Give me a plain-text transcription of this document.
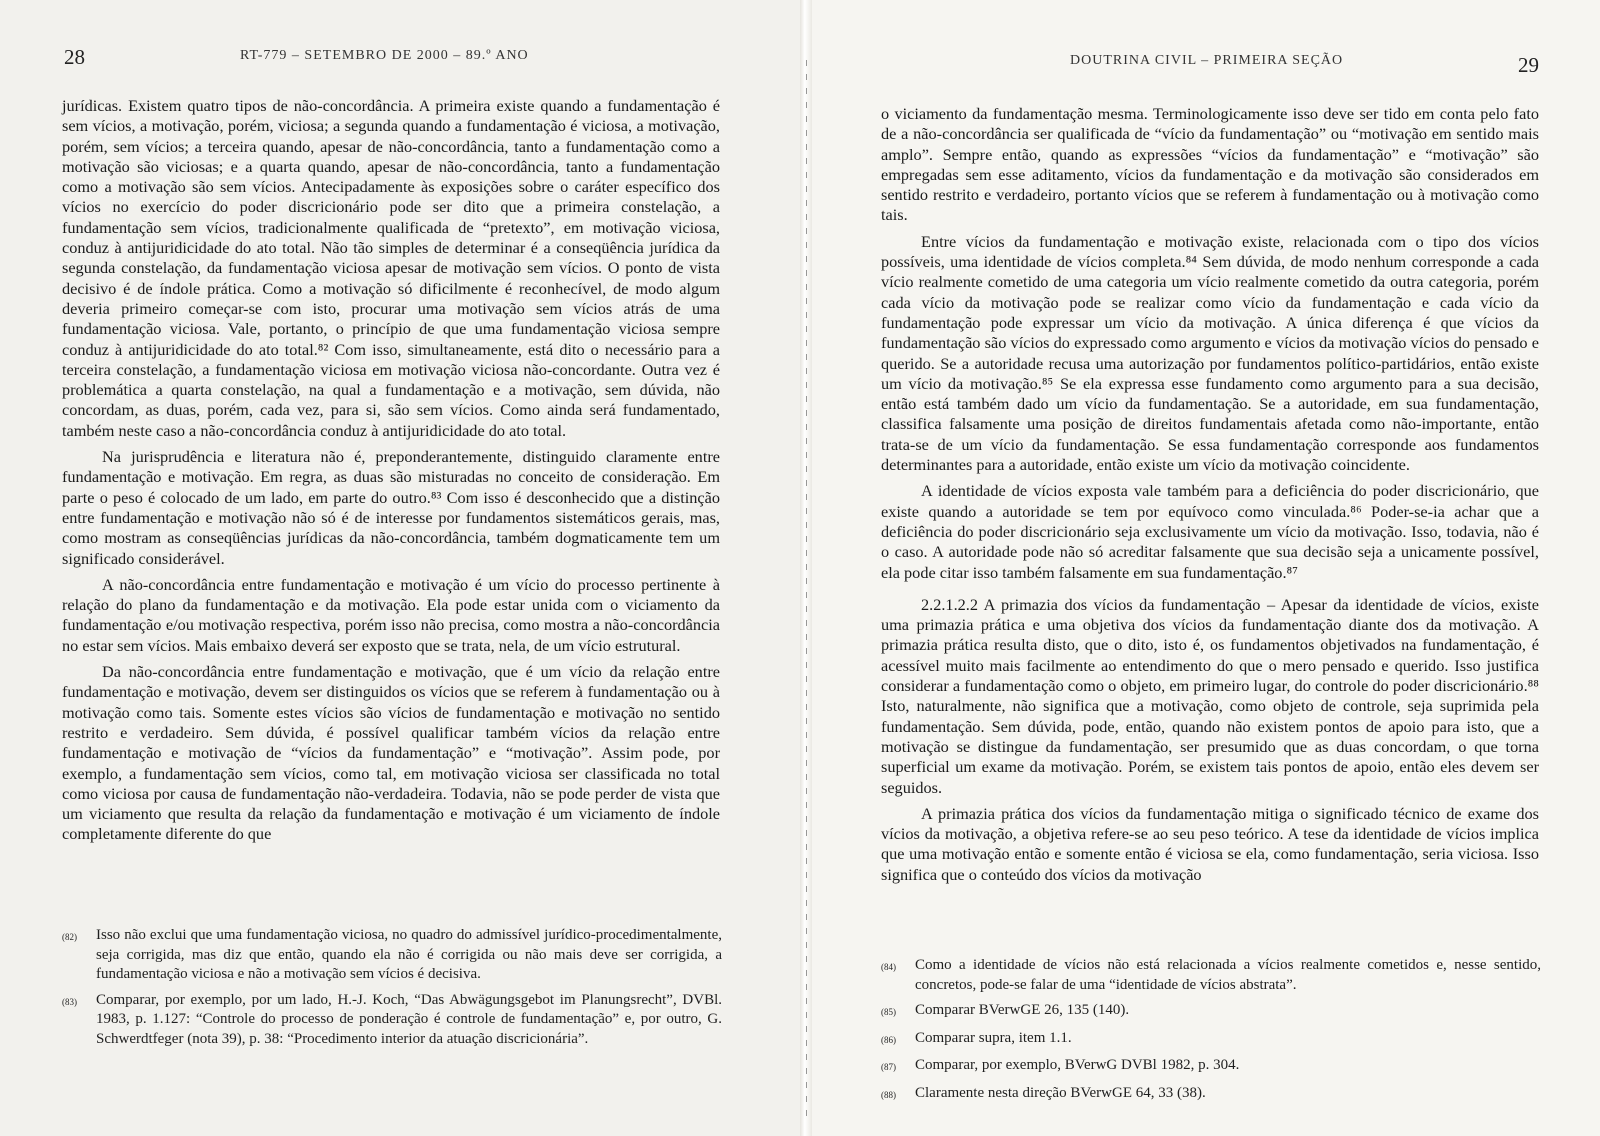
28	RT-779 – SETEMBRO DE 2000 – 89.º ANO

jurídicas. Existem quatro tipos de não-concordância. A primeira existe quando a fundamentação é sem vícios, a motivação, porém, viciosa; a segunda quando a fundamentação é viciosa, a motivação, porém, sem vícios; a terceira quando, apesar de não-concordância, tanto a fundamentação como a motivação são viciosas; e a quarta quando, apesar de não-concordância, tanto a fundamentação como a motivação são sem vícios. Antecipadamente às exposições sobre o caráter específico dos vícios no exercício do poder discricionário pode ser dito que a primeira constelação, a fundamentação sem vícios, tradicionalmente qualificada de “pretexto”, em motivação viciosa, conduz à antijuridicidade do ato total. Não tão simples de determinar é a conseqüência jurídica da segunda constelação, da fundamentação viciosa apesar de motivação sem vícios. O ponto de vista decisivo é de índole prática. Como a motivação só dificilmente é reconhecível, de modo algum deveria primeiro começar-se com isto, procurar uma motivação sem vícios atrás de uma fundamentação viciosa. Vale, portanto, o princípio de que uma fundamentação viciosa sempre conduz à antijuridicidade do ato total.⁸² Com isso, simultaneamente, está dito o necessário para a terceira constelação, a fundamentação viciosa em motivação viciosa não-concordante. Outra vez é problemática a quarta constelação, na qual a fundamentação e a motivação, sem dúvida, não concordam, as duas, porém, cada vez, para si, são sem vícios. Como ainda será fundamentado, também neste caso a não-concordância conduz à antijuridicidade do ato total.

Na jurisprudência e literatura não é, preponderantemente, distinguido claramente entre fundamentação e motivação. Em regra, as duas são misturadas no conceito de consideração. Em parte o peso é colocado de um lado, em parte do outro.⁸³ Com isso é desconhecido que a distinção entre fundamentação e motivação não só é de interesse por fundamentos sistemáticos gerais, mas, como mostram as conseqüências jurídicas da não-concordância, também dogmaticamente tem um significado considerável.

A não-concordância entre fundamentação e motivação é um vício do processo pertinente à relação do plano da fundamentação e da motivação. Ela pode estar unida com o viciamento da fundamentação e/ou motivação respectiva, porém isso não precisa, como mostra a não-concordância no estar sem vícios. Mais embaixo deverá ser exposto que se trata, nela, de um vício estrutural.

Da não-concordância entre fundamentação e motivação, que é um vício da relação entre fundamentação e motivação, devem ser distinguidos os vícios que se referem à fundamentação ou à motivação como tais. Somente estes vícios são vícios de fundamentação e motivação no sentido restrito e verdadeiro. Sem dúvida, é possível qualificar também vícios da relação entre fundamentação e motivação de “vícios da fundamentação” e “motivação”. Assim pode, por exemplo, a fundamentação sem vícios, como tal, em motivação viciosa ser classificada no total como viciosa por causa de fundamentação não-verdadeira. Todavia, não se pode perder de vista que um viciamento que resulta da relação da fundamentação e motivação é um viciamento de índole completamente diferente do que

(82)	Isso não exclui que uma fundamentação viciosa, no quadro do admissível jurídico-procedimentalmente, seja corrigida, mas diz que então, quando ela não é corrigida ou não mais deve ser corrigida, a fundamentação viciosa e não a motivação sem vícios é decisiva.
(83)	Comparar, por exemplo, por um lado, H.-J. Koch, “Das Abwägungsgebot im Planungsrecht”, DVBl. 1983, p. 1.127: “Controle do processo de ponderação é controle de fundamentação” e, por outro, G. Schwerdtfeger (nota 39), p. 38: “Procedimento interior da atuação discricionária”.
DOUTRINA CIVIL – PRIMEIRA SEÇÃO	29

o viciamento da fundamentação mesma. Terminologicamente isso deve ser tido em conta pelo fato de a não-concordância ser qualificada de “vício da fundamentação” ou “motivação em sentido mais amplo”. Sempre então, quando as expressões “vícios da fundamentação” e “motivação” são empregadas sem esse aditamento, vícios da fundamentação e da motivação são considerados em sentido restrito e verdadeiro, portanto vícios que se referem à fundamentação ou à motivação como tais.

Entre vícios da fundamentação e motivação existe, relacionada com o tipo dos vícios possíveis, uma identidade de vícios completa.⁸⁴ Sem dúvida, de modo nenhum corresponde a cada vício realmente cometido de uma categoria um vício realmente cometido da outra categoria, porém cada vício da motivação pode se realizar como vício da fundamentação e cada vício da fundamentação pode expressar um vício da motivação. A única diferença é que vícios da fundamentação são vícios do expressado como argumento e vícios da motivação vícios do pensado e querido. Se a autoridade recusa uma autorização por fundamentos político-partidários, então existe um vício da motivação.⁸⁵ Se ela expressa esse fundamento como argumento para a sua decisão, então está também dado um vício da fundamentação. Se a autoridade, em sua fundamentação, classifica falsamente uma posição de direitos fundamentais afetada como não-importante, então trata-se de um vício da fundamentação. Se essa fundamentação corresponde aos fundamentos determinantes para a autoridade, então existe um vício da motivação coincidente.

A identidade de vícios exposta vale também para a deficiência do poder discricionário, que existe quando a autoridade se tem por equívoco como vinculada.⁸⁶ Poder-se-ia achar que a deficiência do poder discricionário seja exclusivamente um vício da motivação. Isso, todavia, não é o caso. A autoridade pode não só acreditar falsamente que sua decisão seja a unicamente possível, ela pode citar isso também falsamente em sua fundamentação.⁸⁷

2.2.1.2.2 A primazia dos vícios da fundamentação – Apesar da identidade de vícios, existe uma primazia prática e uma objetiva dos vícios da fundamentação diante dos da motivação. A primazia prática resulta disto, que o dito, isto é, os fundamentos objetivados na fundamentação, é acessível muito mais facilmente ao entendimento do que o mero pensado e querido. Isso justifica considerar a fundamentação como o objeto, em primeiro lugar, do controle do poder discricionário.⁸⁸ Isto, naturalmente, não significa que a motivação, como objeto de controle, seja suprimida pela fundamentação. Sem dúvida, pode, então, quando não existem pontos de apoio para isto, que a motivação se distingue da fundamentação, ser presumido que as duas concordam, o que torna superficial um exame da motivação. Porém, se existem tais pontos de apoio, então eles devem ser seguidos.

A primazia prática dos vícios da fundamentação mitiga o significado técnico de exame dos vícios da motivação, a objetiva refere-se ao seu peso teórico. A tese da identidade de vícios implica que uma motivação então e somente então é viciosa se ela, como fundamentação, seria viciosa. Isso significa que o conteúdo dos vícios da motivação

(84)	Como a identidade de vícios não está relacionada a vícios realmente cometidos e, nesse sentido, concretos, pode-se falar de uma “identidade de vícios abstrata”.
(85)	Comparar BVerwGE 26, 135 (140).
(86)	Comparar supra, item 1.1.
(87)	Comparar, por exemplo, BVerwG DVBl 1982, p. 304.
(88)	Claramente nesta direção BVerwGE 64, 33 (38).
